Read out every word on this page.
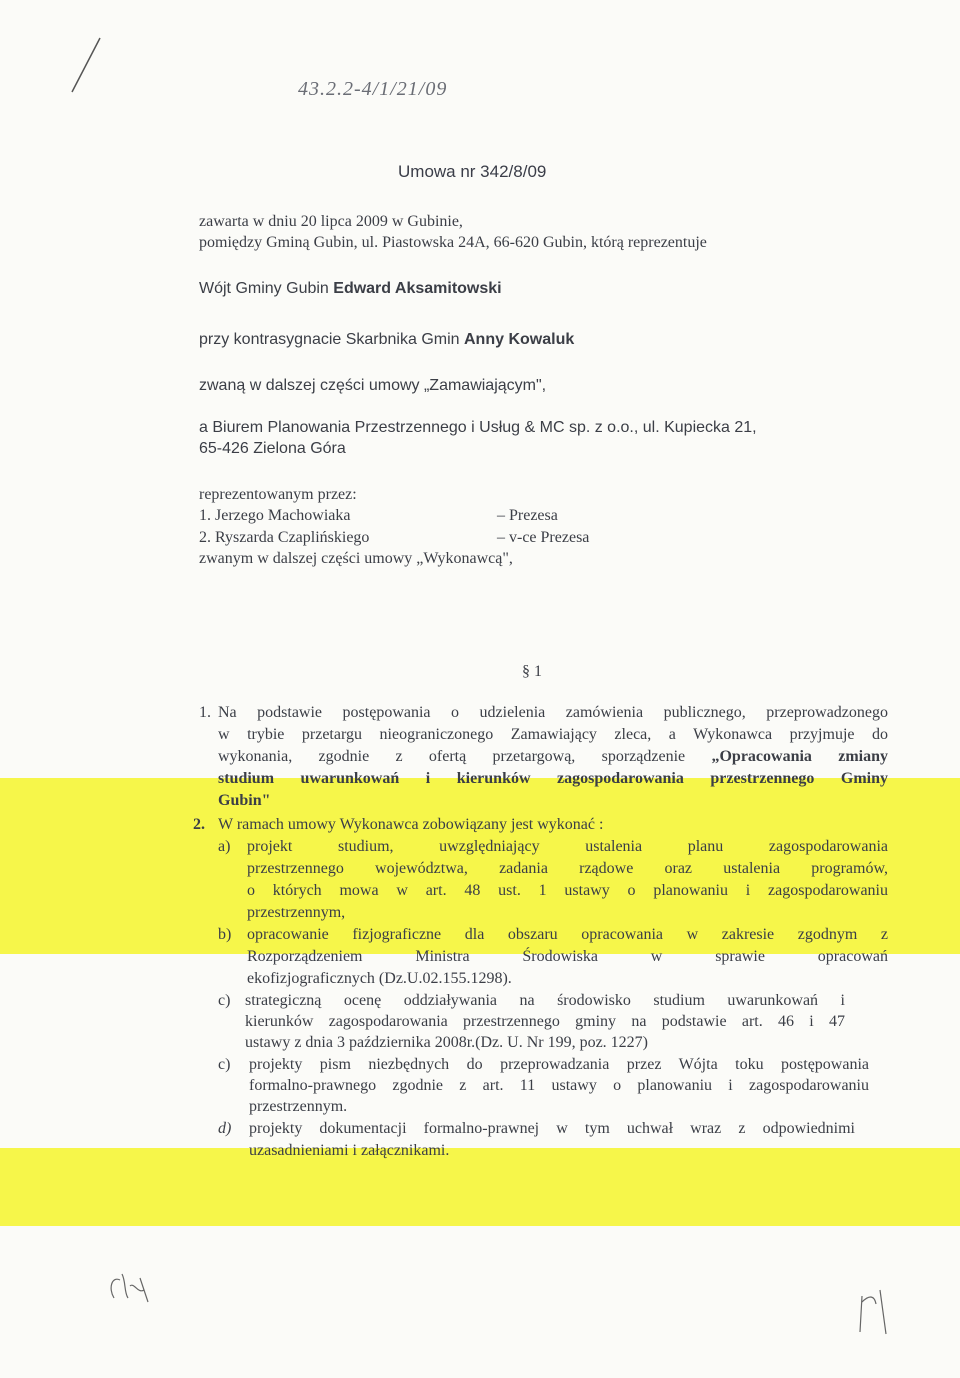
43.2.2-4/1/21/09
Umowa nr 342/8/09
zawarta w dniu 20 lipca 2009 w Gubinie,
pomiędzy Gminą Gubin, ul. Piastowska 24A, 66-620 Gubin, którą reprezentuje
Wójt Gminy Gubin Edward Aksamitowski
przy kontrasygnacie Skarbnika Gmin Anny Kowaluk
zwaną w dalszej części umowy „Zamawiającym",
a Biurem Planowania Przestrzennego i Usług & MC sp. z o.o., ul. Kupiecka 21,
65-426 Zielona Góra
reprezentowanym przez:
1. Jerzego Machowiaka	– Prezesa
2. Ryszarda Czaplińskiego	– v-ce Prezesa
zwanym w dalszej części umowy „Wykonawcą",
§ 1
1. Na podstawie postępowania o udzielenia zamówienia publicznego, przeprowadzonego
w trybie przetargu nieograniczonego Zamawiający zleca, a Wykonawca przyjmuje do
wykonania, zgodnie z ofertą przetargową, sporządzenie „Opracowania zmiany
studium uwarunkowań i kierunków zagospodarowania przestrzennego Gminy
Gubin"
2. W ramach umowy Wykonawca zobowiązany jest wykonać :
a) projekt studium, uwzględniający ustalenia planu zagospodarowania
przestrzennego województwa, zadania rządowe oraz ustalenia programów,
o których mowa w art. 48 ust. 1 ustawy o planowaniu i zagospodarowaniu
przestrzennym,
b) opracowanie fizjograficzne dla obszaru opracowania w zakresie zgodnym z
Rozporządzeniem Ministra Środowiska w sprawie opracowań
ekofizjograficznych (Dz.U.02.155.1298).
c) strategiczną ocenę oddziaływania na środowisko studium uwarunkowań i
kierunków zagospodarowania przestrzennego gminy na podstawie art. 46 i 47
ustawy z dnia 3 października 2008r.(Dz. U. Nr 199, poz. 1227)
c) projekty pism niezbędnych do przeprowadzania przez Wójta toku postępowania
formalno-prawnego zgodnie z art. 11 ustawy o planowaniu i zagospodarowaniu
przestrzennym.
d) projekty dokumentacji formalno-prawnej w tym uchwał wraz z odpowiednimi
uzasadnieniami i załącznikami.
